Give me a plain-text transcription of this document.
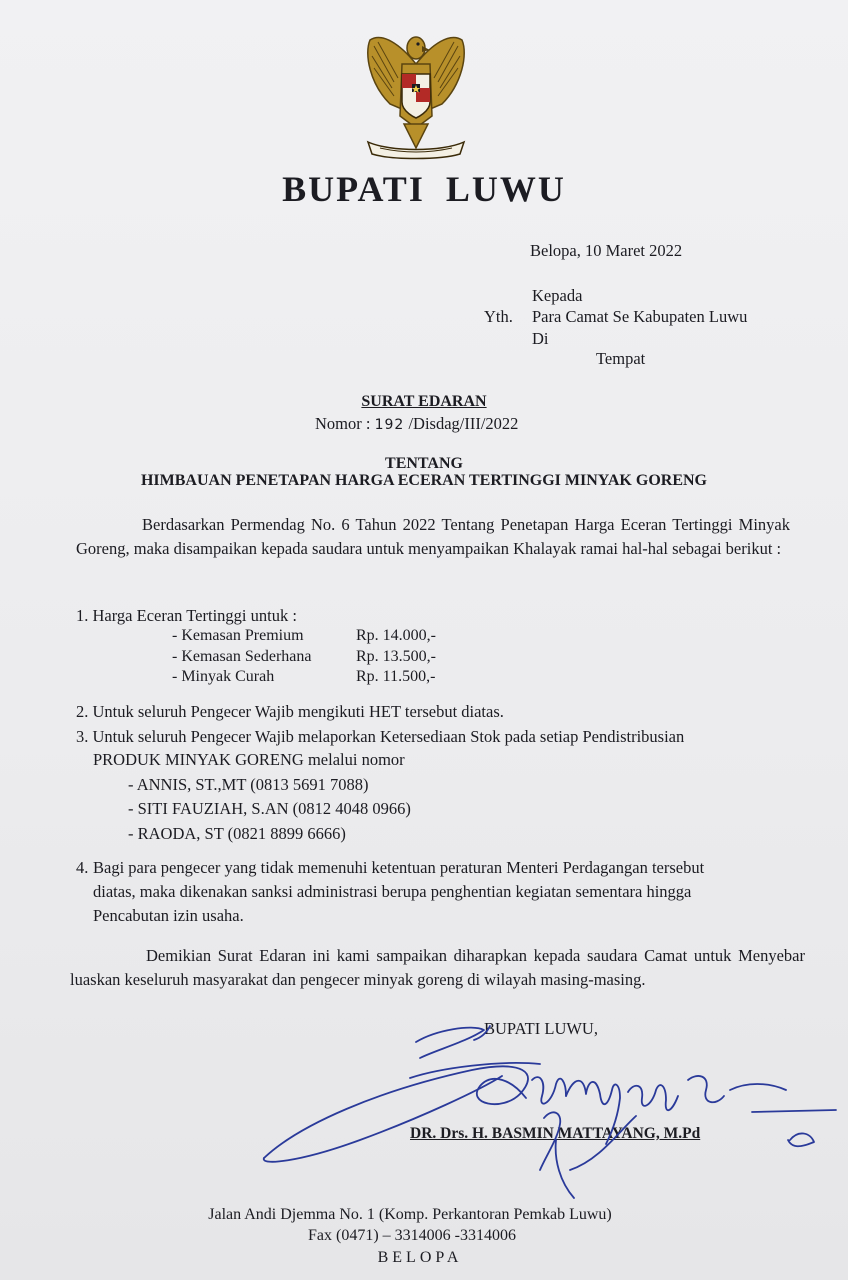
BUPATI LUWU
Belopa, 10 Maret 2022
Kepada
Yth. Para Camat Se Kabupaten Luwu
Di
Tempat
SURAT EDARAN
Nomor : 192 /Disdag/III/2022
TENTANG
HIMBAUAN PENETAPAN HARGA ECERAN TERTINGGI MINYAK GORENG
Berdasarkan Permendag No. 6 Tahun 2022 Tentang Penetapan Harga Eceran Tertinggi Minyak Goreng, maka disampaikan kepada saudara untuk menyampaikan Khalayak ramai hal-hal sebagai berikut :
1. Harga Eceran Tertinggi untuk :
- Kemasan Premium	Rp. 14.000,-
- Kemasan Sederhana	Rp. 13.500,-
- Minyak Curah	Rp. 11.500,-
2. Untuk seluruh Pengecer Wajib mengikuti HET tersebut diatas.
3. Untuk seluruh Pengecer Wajib melaporkan Ketersediaan Stok pada setiap Pendistribusian
PRODUK MINYAK GORENG melalui nomor
- ANNIS, ST.,MT (0813 5691 7088)
- SITI FAUZIAH, S.AN (0812 4048 0966)
- RAODA, ST (0821 8899 6666)
4. Bagi para pengecer yang tidak memenuhi ketentuan peraturan Menteri Perdagangan tersebut
diatas, maka dikenakan sanksi administrasi berupa penghentian kegiatan sementara hingga
Pencabutan izin usaha.
Demikian Surat Edaran ini kami sampaikan diharapkan kepada saudara Camat untuk Menyebar luaskan keseluruh masyarakat dan pengecer minyak goreng di wilayah masing-masing.
BUPATI LUWU,
DR. Drs. H. BASMIN MATTAYANG, M.Pd
Jalan Andi Djemma No. 1 (Komp. Perkantoran Pemkab Luwu)
Fax (0471) – 3314006 -3314006
BELOPA
